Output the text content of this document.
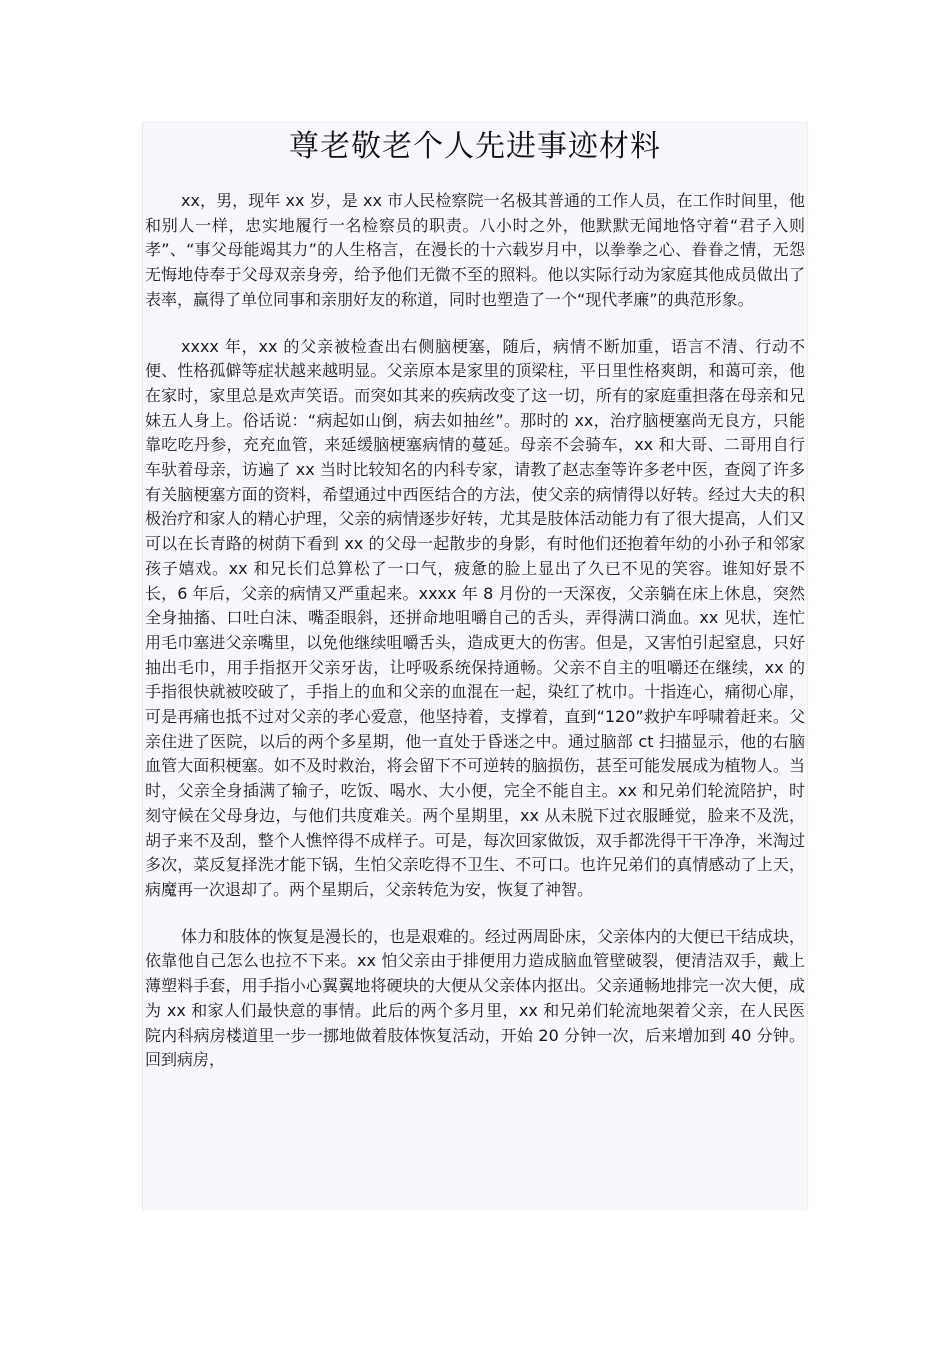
尊老敬老个人先进事迹材料

xx，男，现年 xx 岁，是 xx 市人民检察院一名极其普通的工作人员，在工作时间里，他和别人一样，忠实地履行一名检察员的职责。八小时之外，他默默无闻地恪守着“君子入则孝”、“事父母能竭其力”的人生格言，在漫长的十六载岁月中，以拳拳之心、眷眷之情，无怨无悔地侍奉于父母双亲身旁，给予他们无微不至的照料。他以实际行动为家庭其他成员做出了表率，赢得了单位同事和亲朋好友的称道，同时也塑造了一个“现代孝廉”的典范形象。

xxxx 年，xx 的父亲被检查出右侧脑梗塞，随后，病情不断加重，语言不清、行动不便、性格孤僻等症状越来越明显。父亲原本是家里的顶梁柱，平日里性格爽朗，和蔼可亲，他在家时，家里总是欢声笑语。而突如其来的疾病改变了这一切，所有的家庭重担落在母亲和兄妹五人身上。俗话说：“病起如山倒，病去如抽丝”。那时的 xx，治疗脑梗塞尚无良方，只能靠吃吃丹参，充充血管，来延缓脑梗塞病情的蔓延。母亲不会骑车，xx 和大哥、二哥用自行车驮着母亲，访遍了 xx 当时比较知名的内科专家，请教了赵志奎等许多老中医，查阅了许多有关脑梗塞方面的资料，希望通过中西医结合的方法，使父亲的病情得以好转。经过大夫的积极治疗和家人的精心护理，父亲的病情逐步好转，尤其是肢体活动能力有了很大提高，人们又可以在长青路的树荫下看到 xx 的父母一起散步的身影，有时他们还抱着年幼的小孙子和邻家孩子嬉戏。xx 和兄长们总算松了一口气，疲惫的脸上显出了久已不见的笑容。谁知好景不长，6 年后，父亲的病情又严重起来。xxxx 年 8 月份的一天深夜，父亲躺在床上休息，突然全身抽搐、口吐白沫、嘴歪眼斜，还拼命地咀嚼自己的舌头，弄得满口淌血。xx 见状，连忙用毛巾塞进父亲嘴里，以免他继续咀嚼舌头，造成更大的伤害。但是，又害怕引起窒息，只好抽出毛巾，用手指抠开父亲牙齿，让呼吸系统保持通畅。父亲不自主的咀嚼还在继续，xx 的手指很快就被咬破了，手指上的血和父亲的血混在一起，染红了枕巾。十指连心，痛彻心扉，可是再痛也抵不过对父亲的孝心爱意，他坚持着，支撑着，直到“120”救护车呼啸着赶来。父亲住进了医院，以后的两个多星期，他一直处于昏迷之中。通过脑部 ct 扫描显示，他的右脑血管大面积梗塞。如不及时救治，将会留下不可逆转的脑损伤，甚至可能发展成为植物人。当时，父亲全身插满了输子，吃饭、喝水、大小便，完全不能自主。xx 和兄弟们轮流陪护，时刻守候在父母身边，与他们共度难关。两个星期里，xx 从未脱下过衣服睡觉，脸来不及洗，胡子来不及刮，整个人憔悴得不成样子。可是，每次回家做饭，双手都洗得干干净净，米淘过多次，菜反复择洗才能下锅，生怕父亲吃得不卫生、不可口。也许兄弟们的真情感动了上天，病魔再一次退却了。两个星期后，父亲转危为安，恢复了神智。

体力和肢体的恢复是漫长的，也是艰难的。经过两周卧床，父亲体内的大便已干结成块，依靠他自己怎么也拉不下来。xx 怕父亲由于排便用力造成脑血管壁破裂，便清洁双手，戴上薄塑料手套，用手指小心翼翼地将硬块的大便从父亲体内抠出。父亲通畅地排完一次大便，成为 xx 和家人们最快意的事情。此后的两个多月里，xx 和兄弟们轮流地架着父亲，在人民医院内科病房楼道里一步一挪地做着肢体恢复活动，开始 20 分钟一次，后来增加到 40 分钟。回到病房，
